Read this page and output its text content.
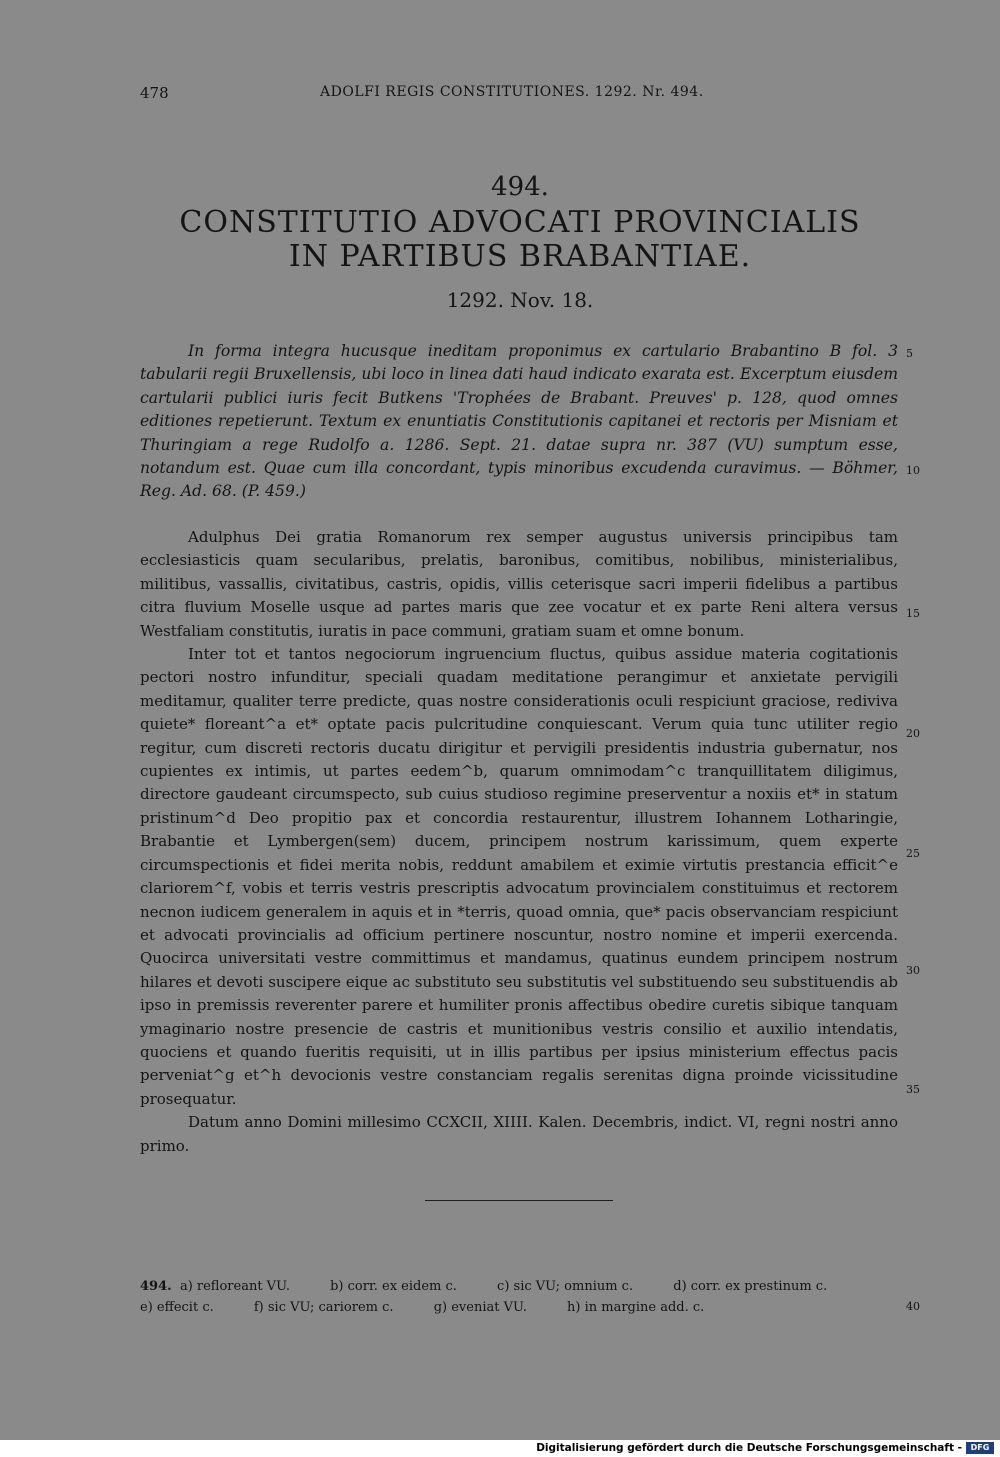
478	ADOLFI REGIS CONSTITUTIONES. 1292. Nr. 494.
494.
CONSTITUTIO ADVOCATI PROVINCIALIS
IN PARTIBUS BRABANTIAE.
1292. Nov. 18.

In forma integra hucusque ineditam proponimus ex cartulario Brabantino B fol. 3 tabularii regii Bruxellensis, ubi loco in linea dati haud indicato exarata est. Excerptum eiusdem cartularii publici iuris fecit Butkens 'Trophées de Brabant. Preuves' p. 128, quod omnes editiones repetierunt. Textum ex enuntiatis Constitutionis capitanei et rectoris per Misniam et Thuringiam a rege Rudolfo a. 1286. Sept. 21. datae supra nr. 387 (VU) sumptum esse, notandum est. Quae cum illa concordant, typis minoribus excudenda curavimus. — Böhmer, Reg. Ad. 68. (P. 459.)

Adulphus Dei gratia Romanorum rex semper augustus universis principibus tam ecclesiasticis quam secularibus, prelatis, baronibus, comitibus, nobilibus, ministerialibus, militibus, vassallis, civitatibus, castris, opidis, villis ceterisque sacri imperii fidelibus a partibus citra fluvium Moselle usque ad partes maris que zee vocatur et ex parte Reni altera versus Westfaliam constitutis, iuratis in pace communi, gratiam suam et omne bonum.

Inter tot et tantos negociorum ingruencium fluctus, quibus assidue materia cogitationis pectori nostro infunditur, speciali quadam meditatione perangimur et anxietate pervigili meditamur, qualiter terre predicte, quas nostre considerationis oculi respiciunt graciose, rediviva quiete* floreant^a et* optate pacis pulcritudine conquiescant. Verum quia tunc utiliter regio regitur, cum discreti rectoris ducatu dirigitur et pervigili presidentis industria gubernatur, nos cupientes ex intimis, ut partes eedem^b, quarum omnimodam^c tranquillitatem diligimus, directore gaudeant circumspecto, sub cuius studioso regimine preserventur a noxiis et* in statum pristinum^d Deo propitio pax et concordia restaurentur, illustrem Iohannem Lotharingie, Brabantie et Lymbergen(sem) ducem, principem nostrum karissimum, quem experte circumspectionis et fidei merita nobis, reddunt amabilem et eximie virtutis prestancia efficit^e clariorem^f, vobis et terris vestris prescriptis advocatum provincialem constituimus et rectorem necnon iudicem generalem in aquis et in *terris, quoad omnia, que* pacis observanciam respiciunt et advocati provincialis ad officium pertinere noscuntur, nostro nomine et imperii exercenda. Quocirca universitati vestre committimus et mandamus, quatinus eundem principem nostrum hilares et devoti suscipere eique ac substituto seu substitutis vel substituendo seu substituendis ab ipso in premissis reverenter parere et humiliter pronis affectibus obedire curetis sibique tanquam ymaginario nostre presencie de castris et munitionibus vestris consilio et auxilio intendatis, quociens et quando fueritis requisiti, ut in illis partibus per ipsius ministerium effectus pacis perveniat^g et^h devocionis vestre constanciam regalis serenitas digna proinde vicissitudine prosequatur.

Datum anno Domini millesimo CCXCII, XIIII. Kalen. Decembris, indict. VI, regni nostri anno primo.

5
10
15
20
25
30
35
40
494. a) refloreant VU.	b) corr. ex eidem c.	c) sic VU; omnium c.	d) corr. ex prestinum c.
e) effecit c.	f) sic VU; cariorem c.	g) eveniat VU.	h) in margine add. c.
Digitalisierung gefördert durch die Deutsche Forschungsgemeinschaft -	DFG
